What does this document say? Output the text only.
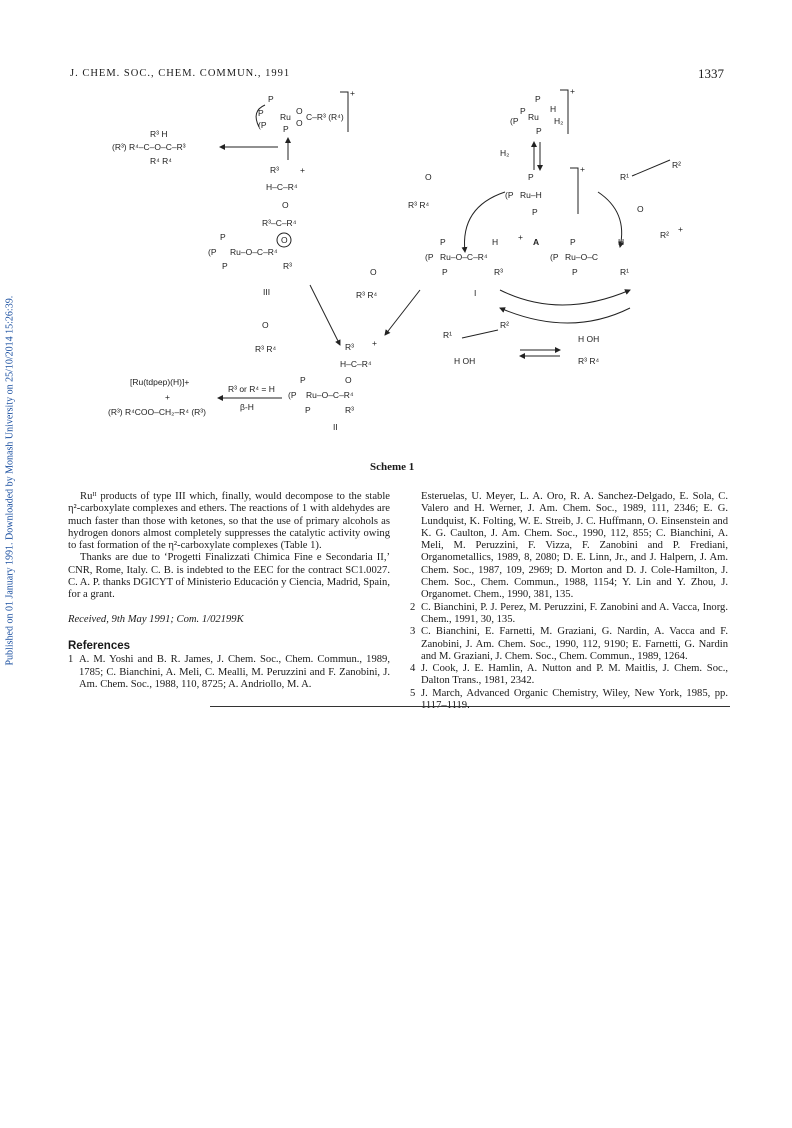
J. CHEM. SOC., CHEM. COMMUN., 1991	1337
Published on 01 January 1991. Downloaded by Monash University on 25/10/2014 15:26:39.
P
P
(P
Ru
O
O
C–R³ (R⁴)
P
+
(R³) R⁴–C–O–C–R³
R³ H
R⁴ R⁴
R³ +
H–C–R⁴
O
R³–C–R⁴
O
P
(P Ru–O–C–R⁴
P	R³
III
O
R³ R⁴
O
R³ R⁴
R³ +
H–C–R⁴
O
P
(P Ru–O–C–R⁴
P	R³
II
[Ru(tdpep)(H)]+
+
(R³) R⁴COO–CH₂–R⁴ (R³)
R³ or R⁴ = H
β-H
P
P
(P Ru
H
H₂
P
+
H₂
P
(P Ru–H
P
+
O
R³ R⁴
R¹
R²
O
P
(P Ru–O–C–R⁴
P	R³
H + A
I
P
(P Ru–O–C
P	R¹
H
R²
+
R¹
R²
H OH
H OH
R³ R⁴
Scheme 1

Ruᴵᴵ products of type III which, finally, would decompose to the stable η²-carboxylate complexes and ethers. The reactions of 1 with aldehydes are much faster than those with ketones, so that the use of primary alcohols as hydrogen donors almost completely suppresses the catalytic activity owing to fast formation of the η²-carboxylate complexes (Table 1).

Thanks are due to ‘Progetti Finalizzati Chimica Fine e Secondaria II,’ CNR, Rome, Italy. C. B. is indebted to the EEC for the contract SC1.0027. C. A. P. thanks DGICYT of Ministerio Educación y Ciencia, Madrid, Spain, for a grant.

Received, 9th May 1991; Com. 1/02199K
References
1 A. M. Yoshi and B. R. James, J. Chem. Soc., Chem. Commun., 1989, 1785; C. Bianchini, A. Meli, C. Mealli, M. Peruzzini and F. Zanobini, J. Am. Chem. Soc., 1988, 110, 8725; A. Andriollo, M. A.
Esteruelas, U. Meyer, L. A. Oro, R. A. Sanchez-Delgado, E. Sola, C. Valero and H. Werner, J. Am. Chem. Soc., 1989, 111, 2346; E. G. Lundquist, K. Folting, W. E. Streib, J. C. Huffmann, O. Einsenstein and K. G. Caulton, J. Am. Chem. Soc., 1990, 112, 855; C. Bianchini, A. Meli, M. Peruzzini, F. Vizza, F. Zanobini and P. Frediani, Organometallics, 1989, 8, 2080; D. E. Linn, Jr., and J. Halpern, J. Am. Chem. Soc., 1987, 109, 2969; D. Morton and D. J. Cole-Hamilton, J. Chem. Soc., Chem. Commun., 1988, 1154; Y. Lin and Y. Zhou, J. Organomet. Chem., 1990, 381, 135.
2 C. Bianchini, P. J. Perez, M. Peruzzini, F. Zanobini and A. Vacca, Inorg. Chem., 1991, 30, 135.
3 C. Bianchini, E. Farnetti, M. Graziani, G. Nardin, A. Vacca and F. Zanobini, J. Am. Chem. Soc., 1990, 112, 9190; E. Farnetti, G. Nardin and M. Graziani, J. Chem. Soc., Chem. Commun., 1989, 1264.
4 J. Cook, J. E. Hamlin, A. Nutton and P. M. Maitlis, J. Chem. Soc., Dalton Trans., 1981, 2342.
5 J. March, Advanced Organic Chemistry, Wiley, New York, 1985, pp.
